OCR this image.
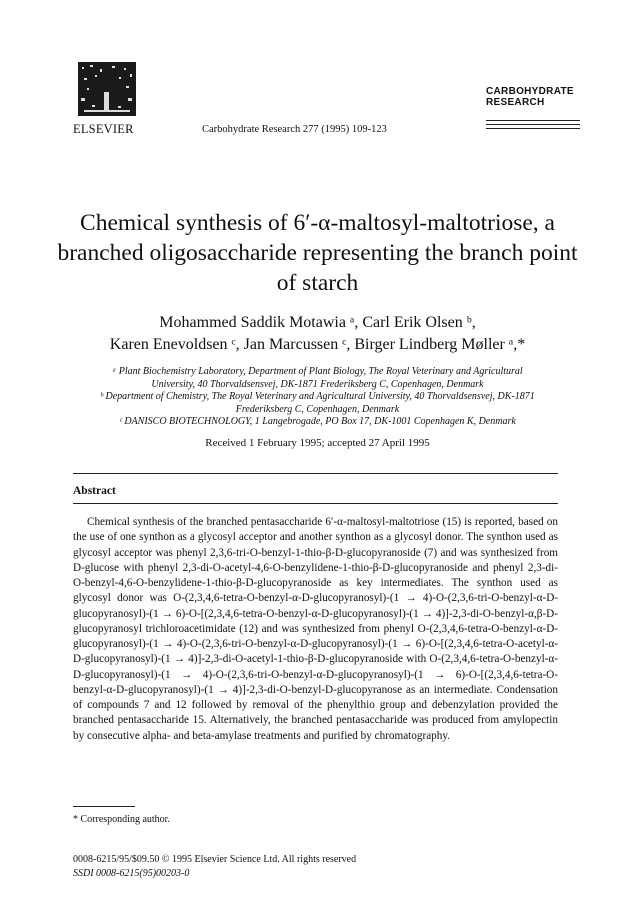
ELSEVIER	Carbohydrate Research 277 (1995) 109-123
CARBOHYDRATE
RESEARCH
Chemical synthesis of 6′-α-maltosyl-maltotriose, a branched oligosaccharide representing the branch point of starch
Mohammed Saddik Motawia ᵃ, Carl Erik Olsen ᵇ,
Karen Enevoldsen ᶜ, Jan Marcussen ᶜ, Birger Lindberg Møller ᵃ,*
ᵃ Plant Biochemistry Laboratory, Department of Plant Biology, The Royal Veterinary and Agricultural
University, 40 Thorvaldsensvej, DK-1871 Frederiksberg C, Copenhagen, Denmark
ᵇ Department of Chemistry, The Royal Veterinary and Agricultural University, 40 Thorvaldsensvej, DK-1871
Frederiksberg C, Copenhagen, Denmark
ᶜ DANISCO BIOTECHNOLOGY, 1 Langebrogade, PO Box 17, DK-1001 Copenhagen K, Denmark
Received 1 February 1995; accepted 27 April 1995
Abstract

Chemical synthesis of the branched pentasaccharide 6′-α-maltosyl-maltotriose (15) is reported, based on the use of one synthon as a glycosyl acceptor and another synthon as a glycosyl donor. The synthon used as glycosyl acceptor was phenyl 2,3,6-tri-O-benzyl-1-thio-β-D-glucopyranoside (7) and was synthesized from D-glucose with phenyl 2,3-di-O-acetyl-4,6-O-benzylidene-1-thio-β-D-glucopyranoside and phenyl 2,3-di-O-benzyl-4,6-O-benzylidene-1-thio-β-D-glucopyranoside as key intermediates. The synthon used as glycosyl donor was O-(2,3,4,6-tetra-O-benzyl-α-D-glucopyranosyl)-(1 → 4)-O-(2,3,6-tri-O-benzyl-α-D-glucopyranosyl)-(1 → 6)-O-[(2,3,4,6-tetra-O-benzyl-α-D-glucopyranosyl)-(1 → 4)]-2,3-di-O-benzyl-α,β-D-glucopyranosyl trichloroacetimidate (12) and was synthesized from phenyl O-(2,3,4,6-tetra-O-benzyl-α-D-glucopyranosyl)-(1 → 4)-O-(2,3,6-tri-O-benzyl-α-D-glucopyranosyl)-(1 → 6)-O-[(2,3,4,6-tetra-O-acetyl-α-D-glucopyranosyl)-(1 → 4)]-2,3-di-O-acetyl-1-thio-β-D-glucopyranoside with O-(2,3,4,6-tetra-O-benzyl-α-D-glucopyranosyl)-(1 → 4)-O-(2,3,6-tri-O-benzyl-α-D-glucopyranosyl)-(1 → 6)-O-[(2,3,4,6-tetra-O-benzyl-α-D-glucopyranosyl)-(1 → 4)]-2,3-di-O-benzyl-D-glucopyranose as an intermediate. Condensation of compounds 7 and 12 followed by removal of the phenylthio group and debenzylation provided the branched pentasaccharide 15. Alternatively, the branched pentasaccharide was produced from amylopectin by consecutive alpha- and beta-amylase treatments and purified by chromatography.

* Corresponding author.
0008-6215/95/$09.50 © 1995 Elsevier Science Ltd. All rights reserved
SSDI 0008-6215(95)00203-0
